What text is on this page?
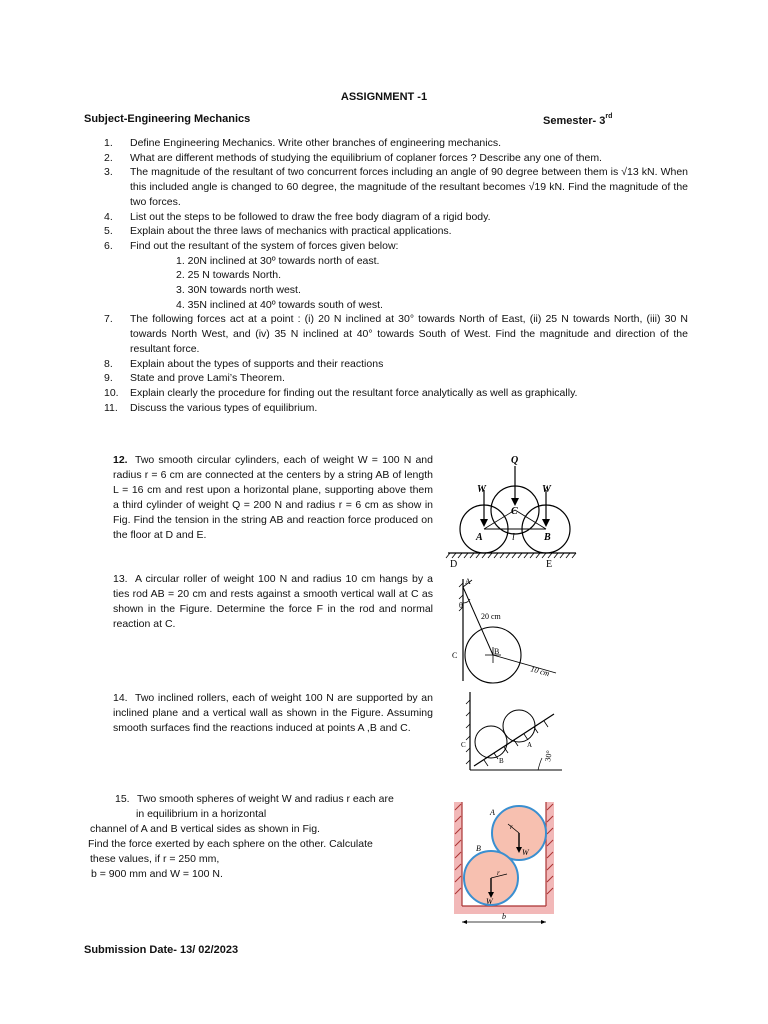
ASSIGNMENT -1
Subject-Engineering Mechanics	Semester- 3rd
1.	Define Engineering Mechanics. Write other branches of engineering mechanics.
2.	What are different methods of studying the equilibrium of coplaner forces ? Describe any one of them.
3.	The magnitude of the resultant of two concurrent forces including an angle of 90 degree between them is √13 kN. When this included angle is changed to 60 degree, the magnitude of the resultant becomes √19 kN. Find the magnitude of the two forces.
4.	List out the steps to be followed to draw the free body diagram of a rigid body.
5.	Explain about the three laws of mechanics with practical applications.
6.	Find out the resultant of the system of forces given below:
1. 20N inclined at 30º towards north of east.
2. 25 N towards North.
3. 30N towards north west.
4. 35N inclined at 40º towards south of west.
7.	The following forces act at a point : (i) 20 N inclined at 30° towards North of East, (ii) 25 N towards North, (iii) 30 N towards North West, and (iv) 35 N inclined at 40° towards South of West. Find the magnitude and direction of the resultant force.
8.	Explain about the types of supports and their reactions
9.	State and prove Lami’s Theorem.
10.	Explain clearly the procedure for finding out the resultant force analytically as well as graphically.
11.	Discuss the various types of equilibrium.
12. Two smooth circular cylinders, each of weight W = 100 N and radius r = 6 cm are connected at the centers by a string AB of length L = 16 cm and rest upon a horizontal plane, supporting above them a third cylinder of weight Q = 200 N and radius r = 6 cm as show in Fig. Find the tension in the string AB and reaction force produced on the floor at D and E.
13. A circular roller of weight 100 N and radius 10 cm hangs by a ties rod AB = 20 cm and rests against a smooth vertical wall at C as shown in the Figure. Determine the force F in the rod and normal reaction at C.
14. Two inclined rollers, each of weight 100 N are supported by an inclined plane and a vertical wall as shown in the Figure. Assuming smooth surfaces find the reactions induced at points A ,B and C.
15. Two smooth spheres of weight W and radius r each are
in equilibrium in a horizontal
channel of A and B vertical sides as shown in Fig.
Find the force exerted by each sphere on the other. Calculate
these values, if r = 250 mm,
b = 900 mm and W = 100 N.
Q
W	W
C
A	B
l
D	E
A
θ
20 cm
B
C
10 cm
C
B
A
30°
A
B
r
r
W
W
b
Submission Date- 13/ 02/2023
